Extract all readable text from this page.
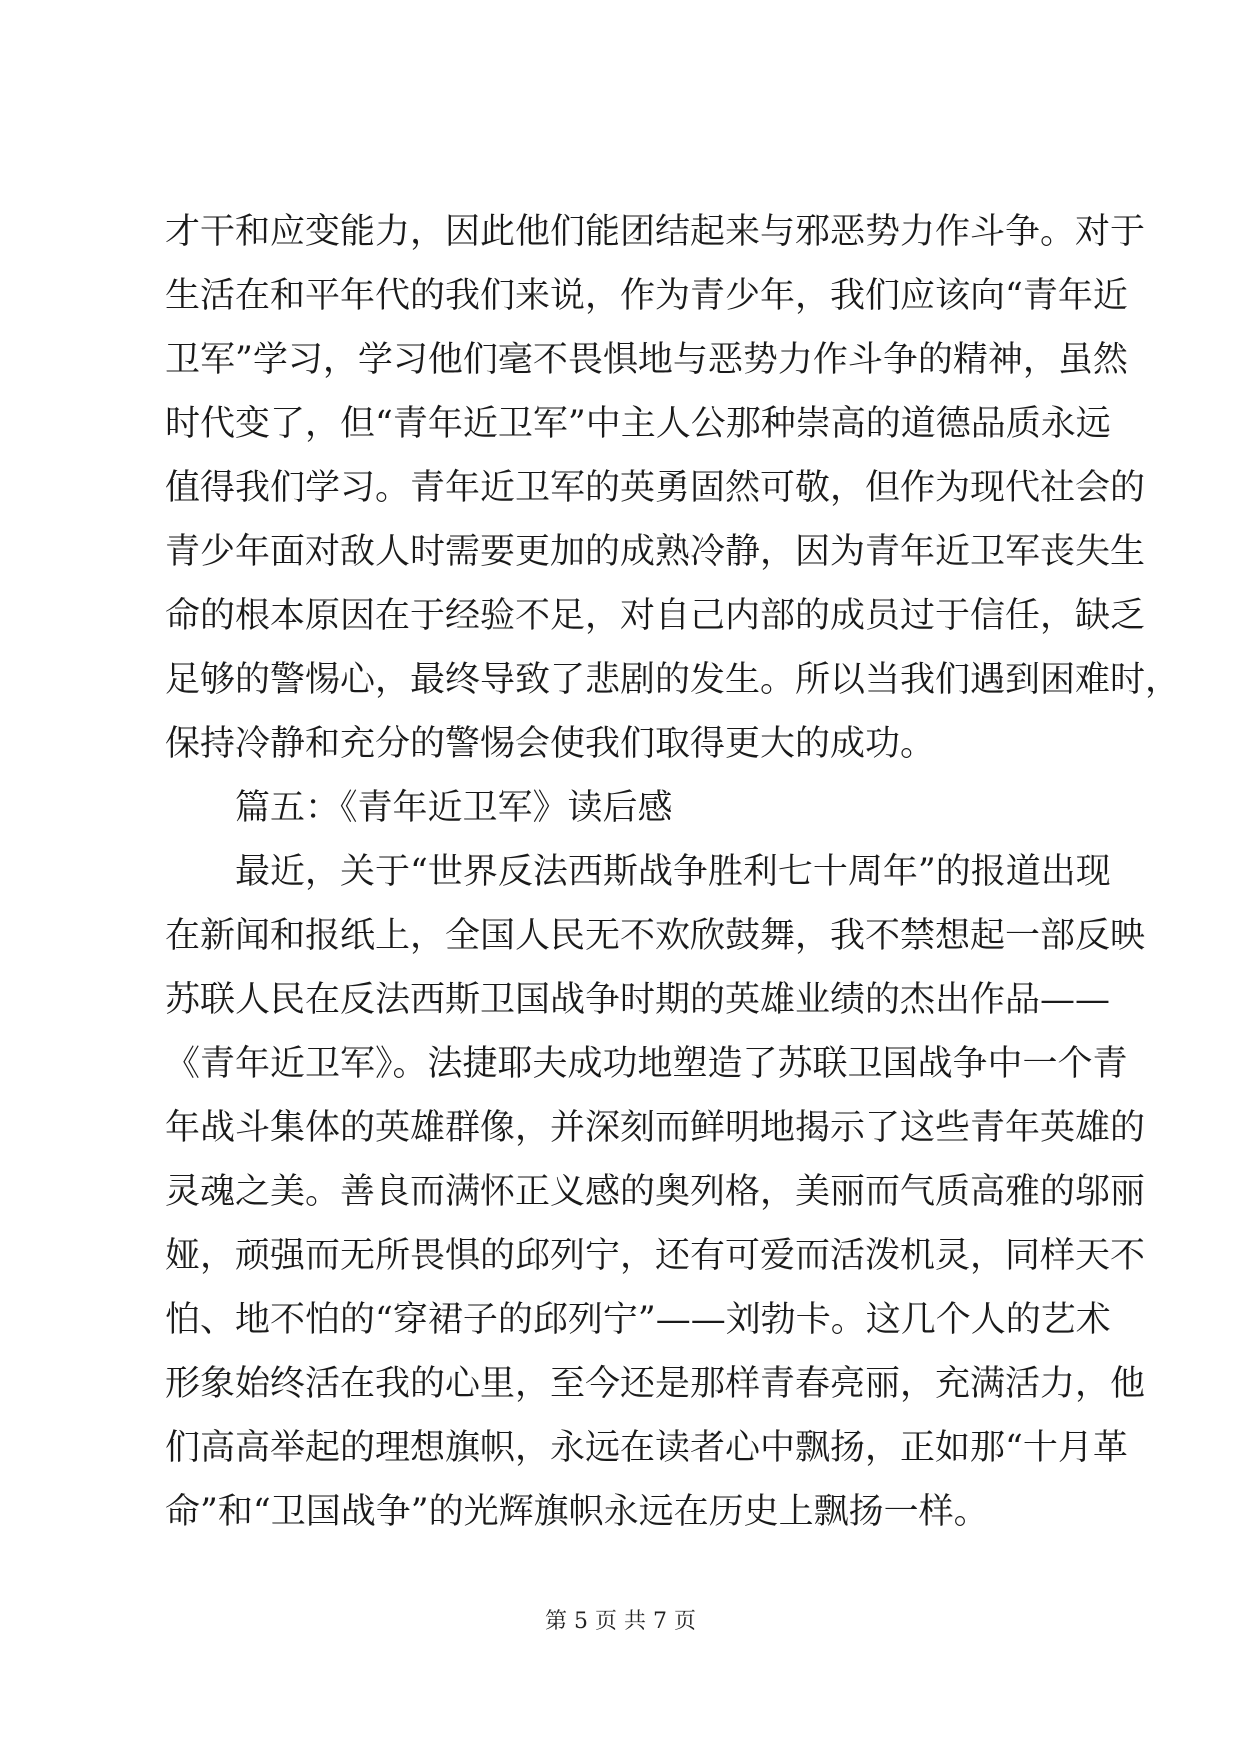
才干和应变能力，因此他们能团结起来与邪恶势力作斗争。对于
生活在和平年代的我们来说，作为青少年，我们应该向“青年近
卫军”学习，学习他们毫不畏惧地与恶势力作斗争的精神，虽然
时代变了，但“青年近卫军”中主人公那种崇高的道德品质永远
值得我们学习。青年近卫军的英勇固然可敬，但作为现代社会的
青少年面对敌人时需要更加的成熟冷静，因为青年近卫军丧失生
命的根本原因在于经验不足，对自己内部的成员过于信任，缺乏
足够的警惕心，最终导致了悲剧的发生。所以当我们遇到困难时，
保持冷静和充分的警惕会使我们取得更大的成功。
篇五：《青年近卫军》读后感
最近，关于“世界反法西斯战争胜利七十周年”的报道出现
在新闻和报纸上，全国人民无不欢欣鼓舞，我不禁想起一部反映
苏联人民在反法西斯卫国战争时期的英雄业绩的杰出作品——
《青年近卫军》。法捷耶夫成功地塑造了苏联卫国战争中一个青
年战斗集体的英雄群像，并深刻而鲜明地揭示了这些青年英雄的
灵魂之美。善良而满怀正义感的奥列格，美丽而气质高雅的邬丽
娅，顽强而无所畏惧的邱列宁，还有可爱而活泼机灵，同样天不
怕、地不怕的“穿裙子的邱列宁”——刘勃卡。这几个人的艺术
形象始终活在我的心里，至今还是那样青春亮丽，充满活力，他
们高高举起的理想旗帜，永远在读者心中飘扬，正如那“十月革
命”和“卫国战争”的光辉旗帜永远在历史上飘扬一样。
第 5 页 共 7 页
